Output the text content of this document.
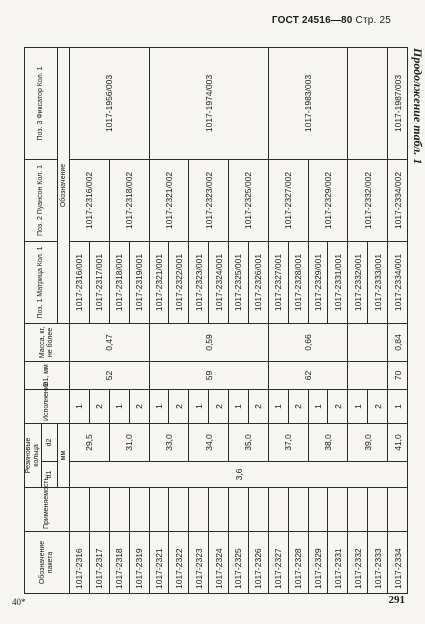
ГОСТ 24516—80 Стр. 25
Продолжение табл. 1
Обозначение пакета	Применяемость	Резиновые кольца		Исполнение	D1, мм	Масса, кг, не более	Поз. 1 Матрица Кол. 1	Поз. 2 Пуансон Кол. 1	Поз. 3 Фиксатор Кол. 1
		d1	d2						
		мм					Обозначение		
1017-2316		3,6	29,5	1	52	0,47	1017-2316/001	1017-2316/002	1017-1956/003
1017-2317				2			1017-2317/001		
1017-2318			31,0	1			1017-2318/001	1017-2318/002	
1017-2319				2			1017-2319/001		
1017-2321			33,0	1	59	0,59	1017-2321/001	1017-2321/002	1017-1974/003
1017-2322				2			1017-2322/001		
1017-2323			34,0	1			1017-2323/001	1017-2323/002	
1017-2324				2			1017-2324/001		
1017-2325			35,0	1			1017-2325/001	1017-2325/002	
1017-2326				2			1017-2326/001		
1017-2327			37,0	1	62	0,66	1017-2327/001	1017-2327/002	1017-1983/003
1017-2328				2			1017-2328/001		
1017-2329			38,0	1			1017-2329/001	1017-2329/002	
1017-2331				2			1017-2331/001		
1017-2332			39,0	1			1017-2332/001	1017-2332/002	
1017-2333				2			1017-2333/001		
1017-2334			41,0	1	70	0,84	1017-2334/001	1017-2334/002	1017-1987/003
40*	291
